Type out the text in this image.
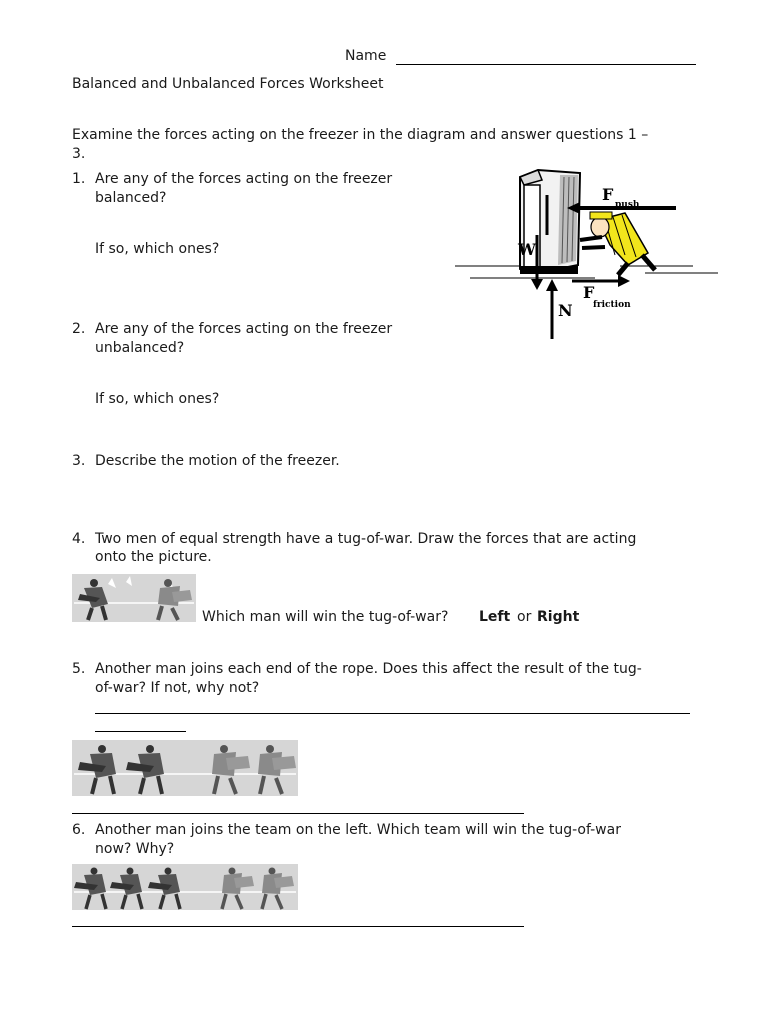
Name
Balanced and Unbalanced Forces Worksheet
Examine the forces acting on the freezer in the diagram and answer questions 1 –
3.
1. Are any of the forces acting on the freezer
balanced?
If so, which ones?
F
push
W
N
F
friction
2. Are any of the forces acting on the freezer
unbalanced?
If so, which ones?
3. Describe the motion of the freezer.
4. Two men of equal strength have a tug-of-war. Draw the forces that are acting
onto the picture.
Which man will win the tug-of-war? Left or Right
5. Another man joins each end of the rope. Does this affect the result of the tug-
of-war? If not, why not?
6. Another man joins the team on the left. Which team will win the tug-of-war
now? Why?
